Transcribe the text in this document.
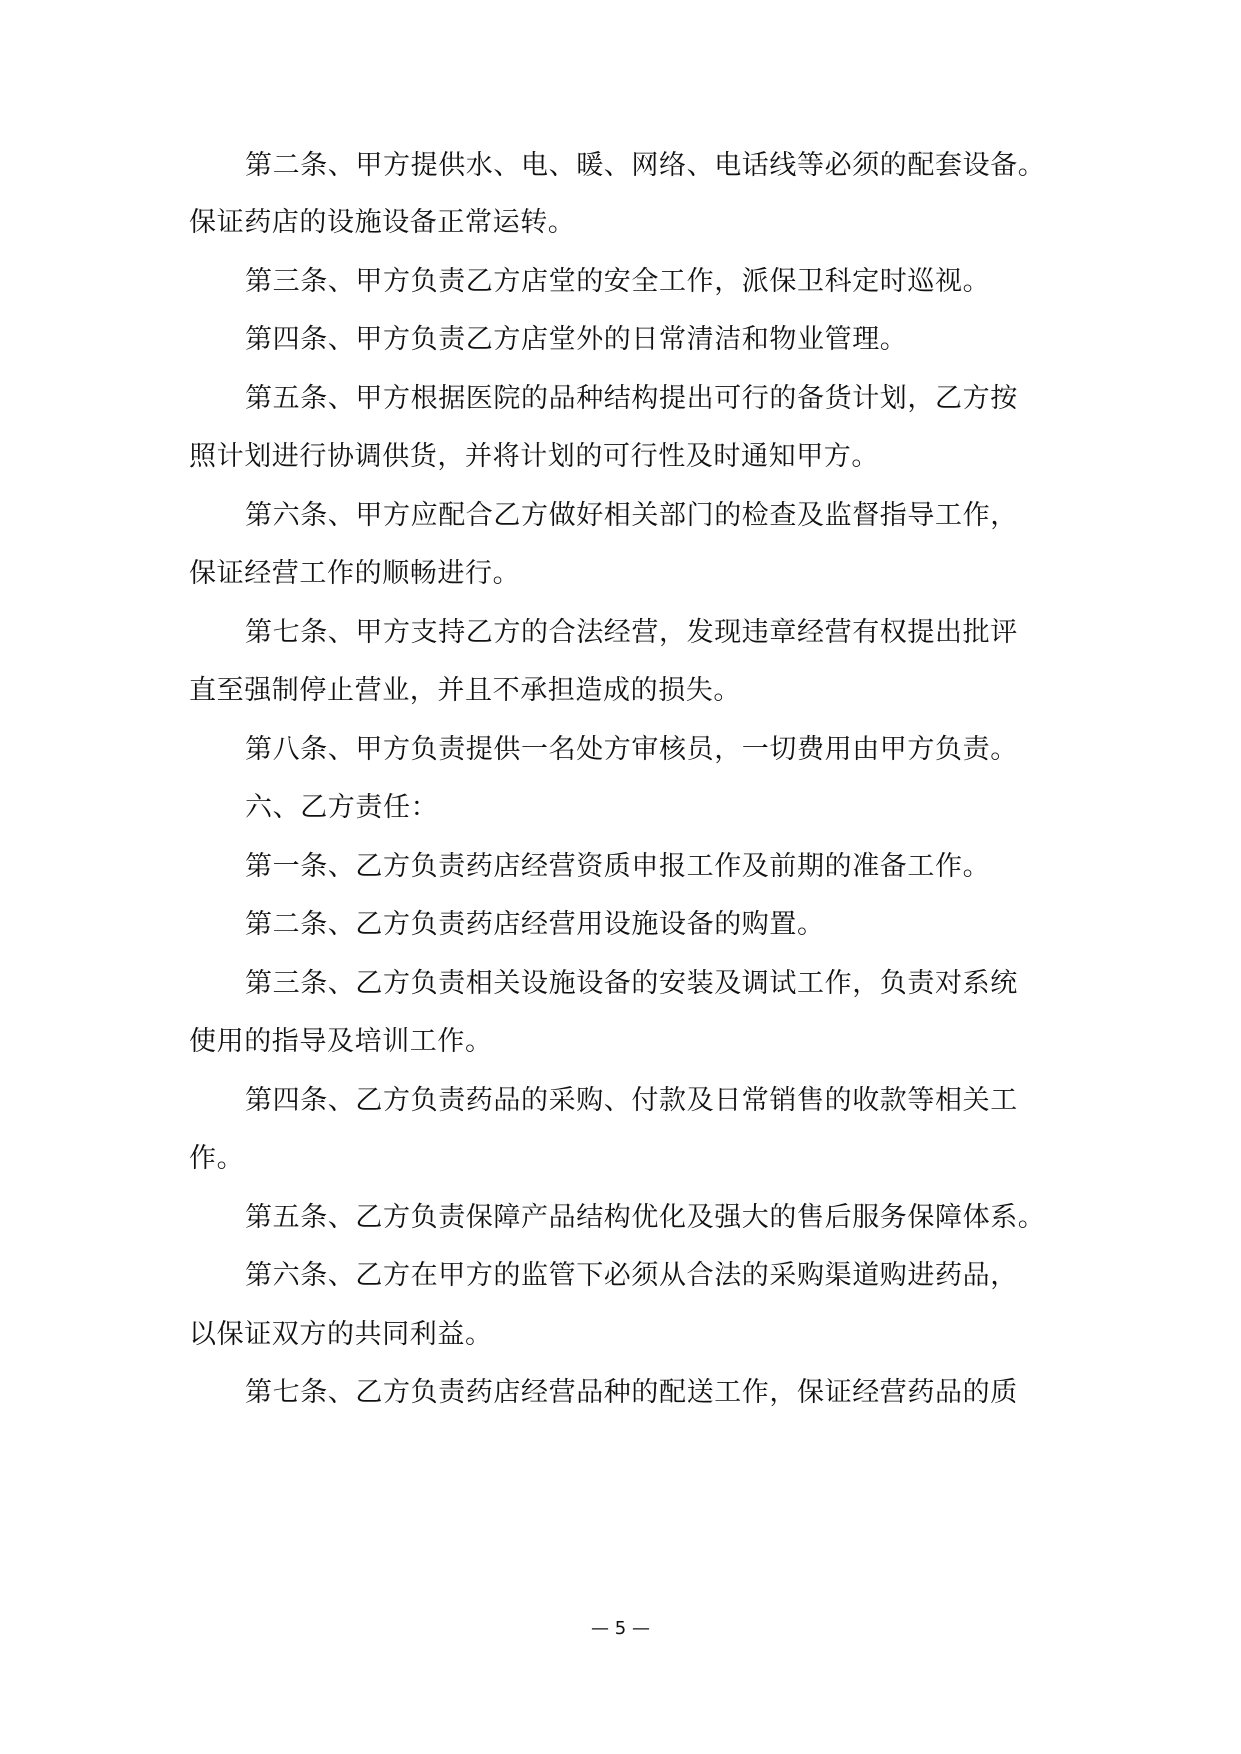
第二条、甲方提供水、电、暖、网络、电话线等必须的配套设备。
保证药店的设施设备正常运转。
第三条、甲方负责乙方店堂的安全工作，派保卫科定时巡视。
第四条、甲方负责乙方店堂外的日常清洁和物业管理。
第五条、甲方根据医院的品种结构提出可行的备货计划，乙方按
照计划进行协调供货，并将计划的可行性及时通知甲方。
第六条、甲方应配合乙方做好相关部门的检查及监督指导工作，
保证经营工作的顺畅进行。
第七条、甲方支持乙方的合法经营，发现违章经营有权提出批评
直至强制停止营业，并且不承担造成的损失。
第八条、甲方负责提供一名处方审核员，一切费用由甲方负责。
六、乙方责任：
第一条、乙方负责药店经营资质申报工作及前期的准备工作。
第二条、乙方负责药店经营用设施设备的购置。
第三条、乙方负责相关设施设备的安装及调试工作，负责对系统
使用的指导及培训工作。
第四条、乙方负责药品的采购、付款及日常销售的收款等相关工
作。
第五条、乙方负责保障产品结构优化及强大的售后服务保障体系。
第六条、乙方在甲方的监管下必须从合法的采购渠道购进药品，
以保证双方的共同利益。
第七条、乙方负责药店经营品种的配送工作，保证经营药品的质
— 5 —
